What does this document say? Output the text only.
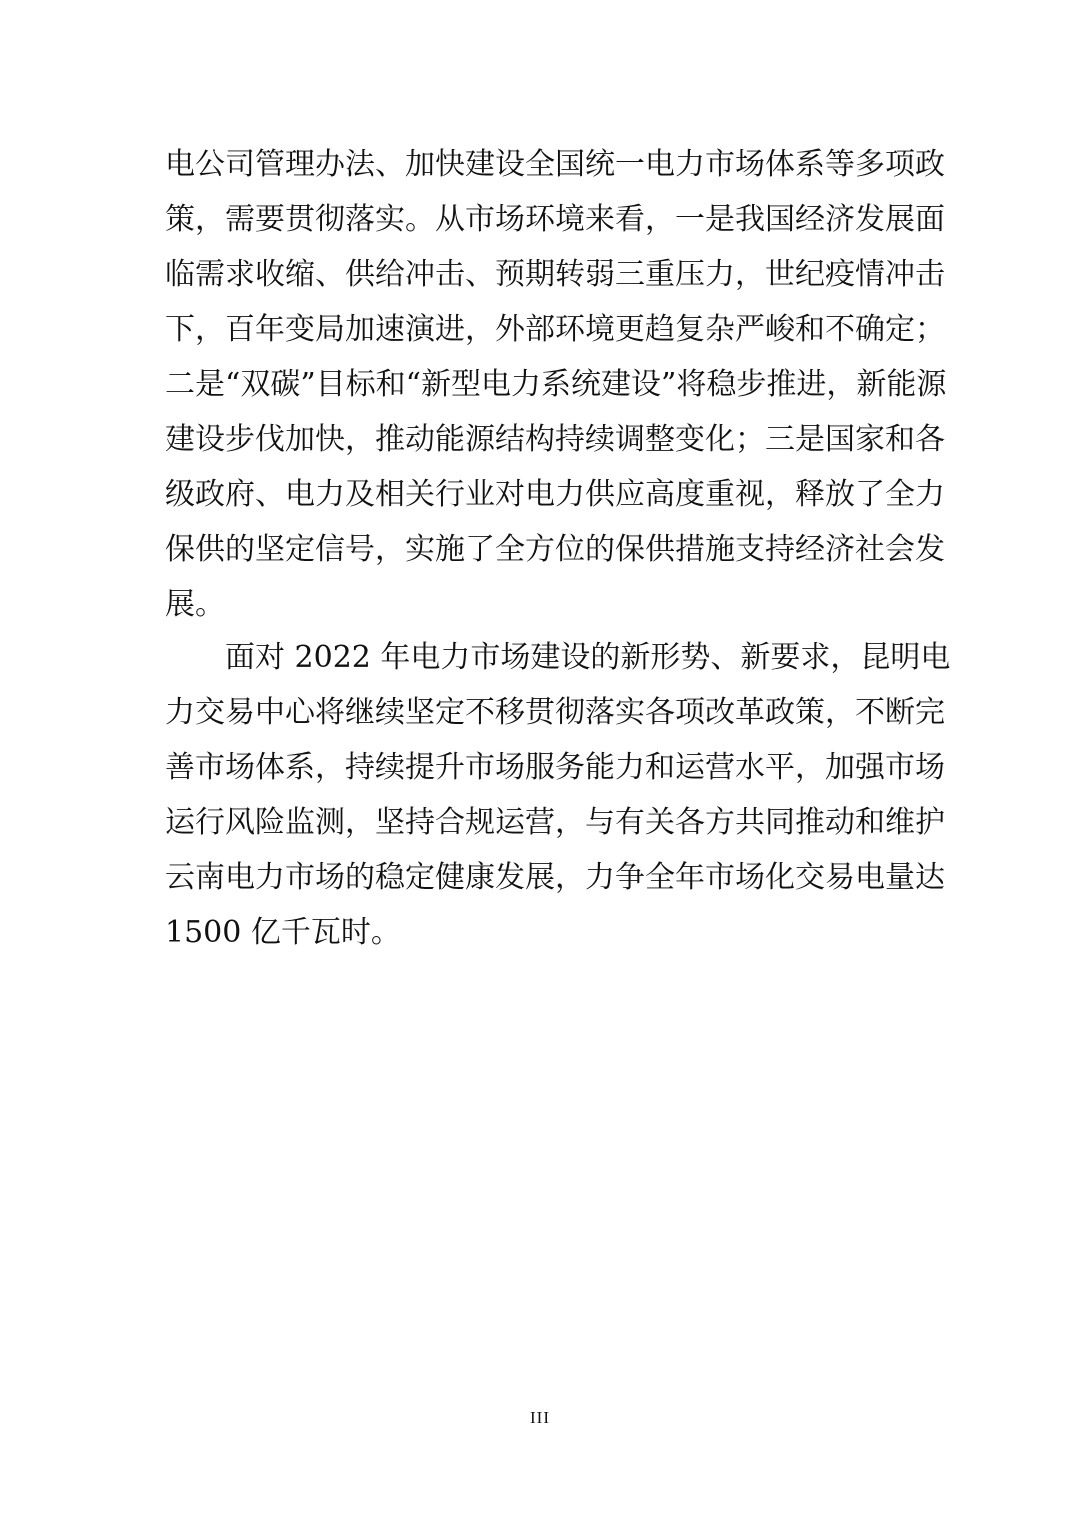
电公司管理办法、加快建设全国统一电力市场体系等多项政
策，需要贯彻落实。从市场环境来看，一是我国经济发展面
临需求收缩、供给冲击、预期转弱三重压力，世纪疫情冲击
下，百年变局加速演进，外部环境更趋复杂严峻和不确定；
二是“双碳”目标和“新型电力系统建设”将稳步推进，新能源
建设步伐加快，推动能源结构持续调整变化；三是国家和各
级政府、电力及相关行业对电力供应高度重视，释放了全力
保供的坚定信号，实施了全方位的保供措施支持经济社会发
展。
面对 2022 年电力市场建设的新形势、新要求，昆明电
力交易中心将继续坚定不移贯彻落实各项改革政策，不断完
善市场体系，持续提升市场服务能力和运营水平，加强市场
运行风险监测，坚持合规运营，与有关各方共同推动和维护
云南电力市场的稳定健康发展，力争全年市场化交易电量达
1500 亿千瓦时。
III
